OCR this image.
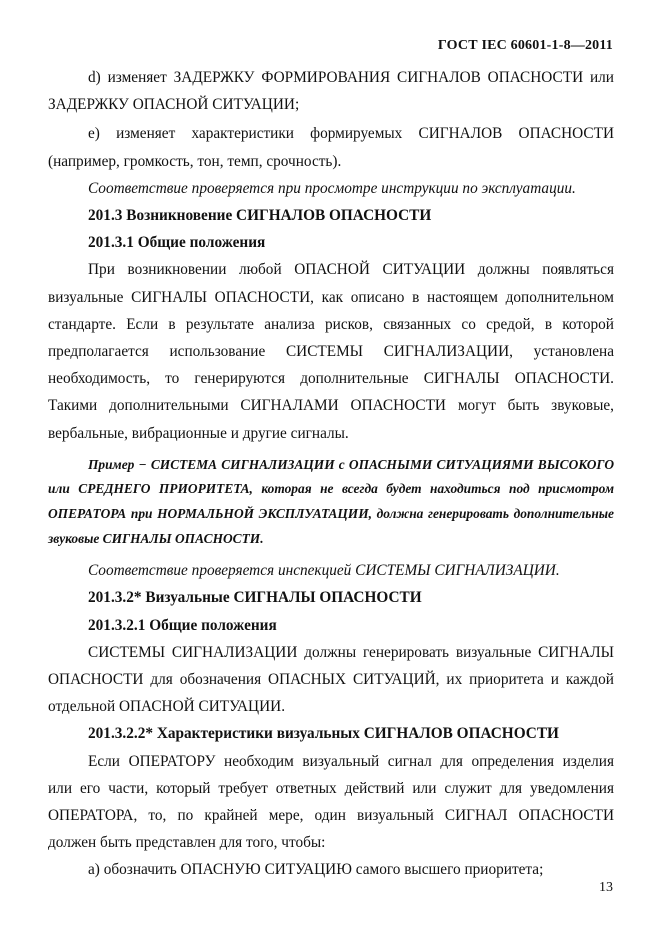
ГОСТ IEC 60601-1-8—2011

d) изменяет ЗАДЕРЖКУ ФОРМИРОВАНИЯ СИГНАЛОВ ОПАСНОСТИ или

ЗАДЕРЖКУ ОПАСНОЙ СИТУАЦИИ;

e) изменяет характеристики формируемых СИГНАЛОВ ОПАСНОСТИ

(например, громкость, тон, темп, срочность).

Соответствие проверяется при просмотре инструкции по эксплуатации.

201.3 Возникновение СИГНАЛОВ ОПАСНОСТИ

201.3.1 Общие положения

При возникновении любой ОПАСНОЙ СИТУАЦИИ должны появляться

визуальные СИГНАЛЫ ОПАСНОСТИ, как описано в настоящем дополнительном
стандарте. Если в результате анализа рисков, связанных со средой, в которой
предполагается использование СИСТЕМЫ СИГНАЛИЗАЦИИ, установлена
необходимость, то генерируются дополнительные СИГНАЛЫ ОПАСНОСТИ.
Такими дополнительными СИГНАЛАМИ ОПАСНОСТИ могут быть звуковые,
вербальные, вибрационные и другие сигналы.

Пример − СИСТЕМА СИГНАЛИЗАЦИИ с ОПАСНЫМИ СИТУАЦИЯМИ ВЫСОКОГО
или СРЕДНЕГО ПРИОРИТЕТА, которая не всегда будет находиться под присмотром
ОПЕРАТОРА при НОРМАЛЬНОЙ ЭКСПЛУАТАЦИИ, должна генерировать дополнительные
звуковые СИГНАЛЫ ОПАСНОСТИ.

Соответствие проверяется инспекцией СИСТЕМЫ СИГНАЛИЗАЦИИ.

201.3.2* Визуальные СИГНАЛЫ ОПАСНОСТИ

201.3.2.1 Общие положения

СИСТЕМЫ СИГНАЛИЗАЦИИ должны генерировать визуальные СИГНАЛЫ

ОПАСНОСТИ для обозначения ОПАСНЫХ СИТУАЦИЙ, их приоритета и каждой
отдельной ОПАСНОЙ СИТУАЦИИ.

201.3.2.2* Характеристики визуальных СИГНАЛОВ ОПАСНОСТИ

Если ОПЕРАТОРУ необходим визуальный сигнал для определения изделия

или его части, который требует ответных действий или служит для уведомления
ОПЕРАТОРА, то, по крайней мере, один визуальный СИГНАЛ ОПАСНОСТИ
должен быть представлен для того, чтобы:

a) обозначить ОПАСНУЮ СИТУАЦИЮ самого высшего приоритета;

13
